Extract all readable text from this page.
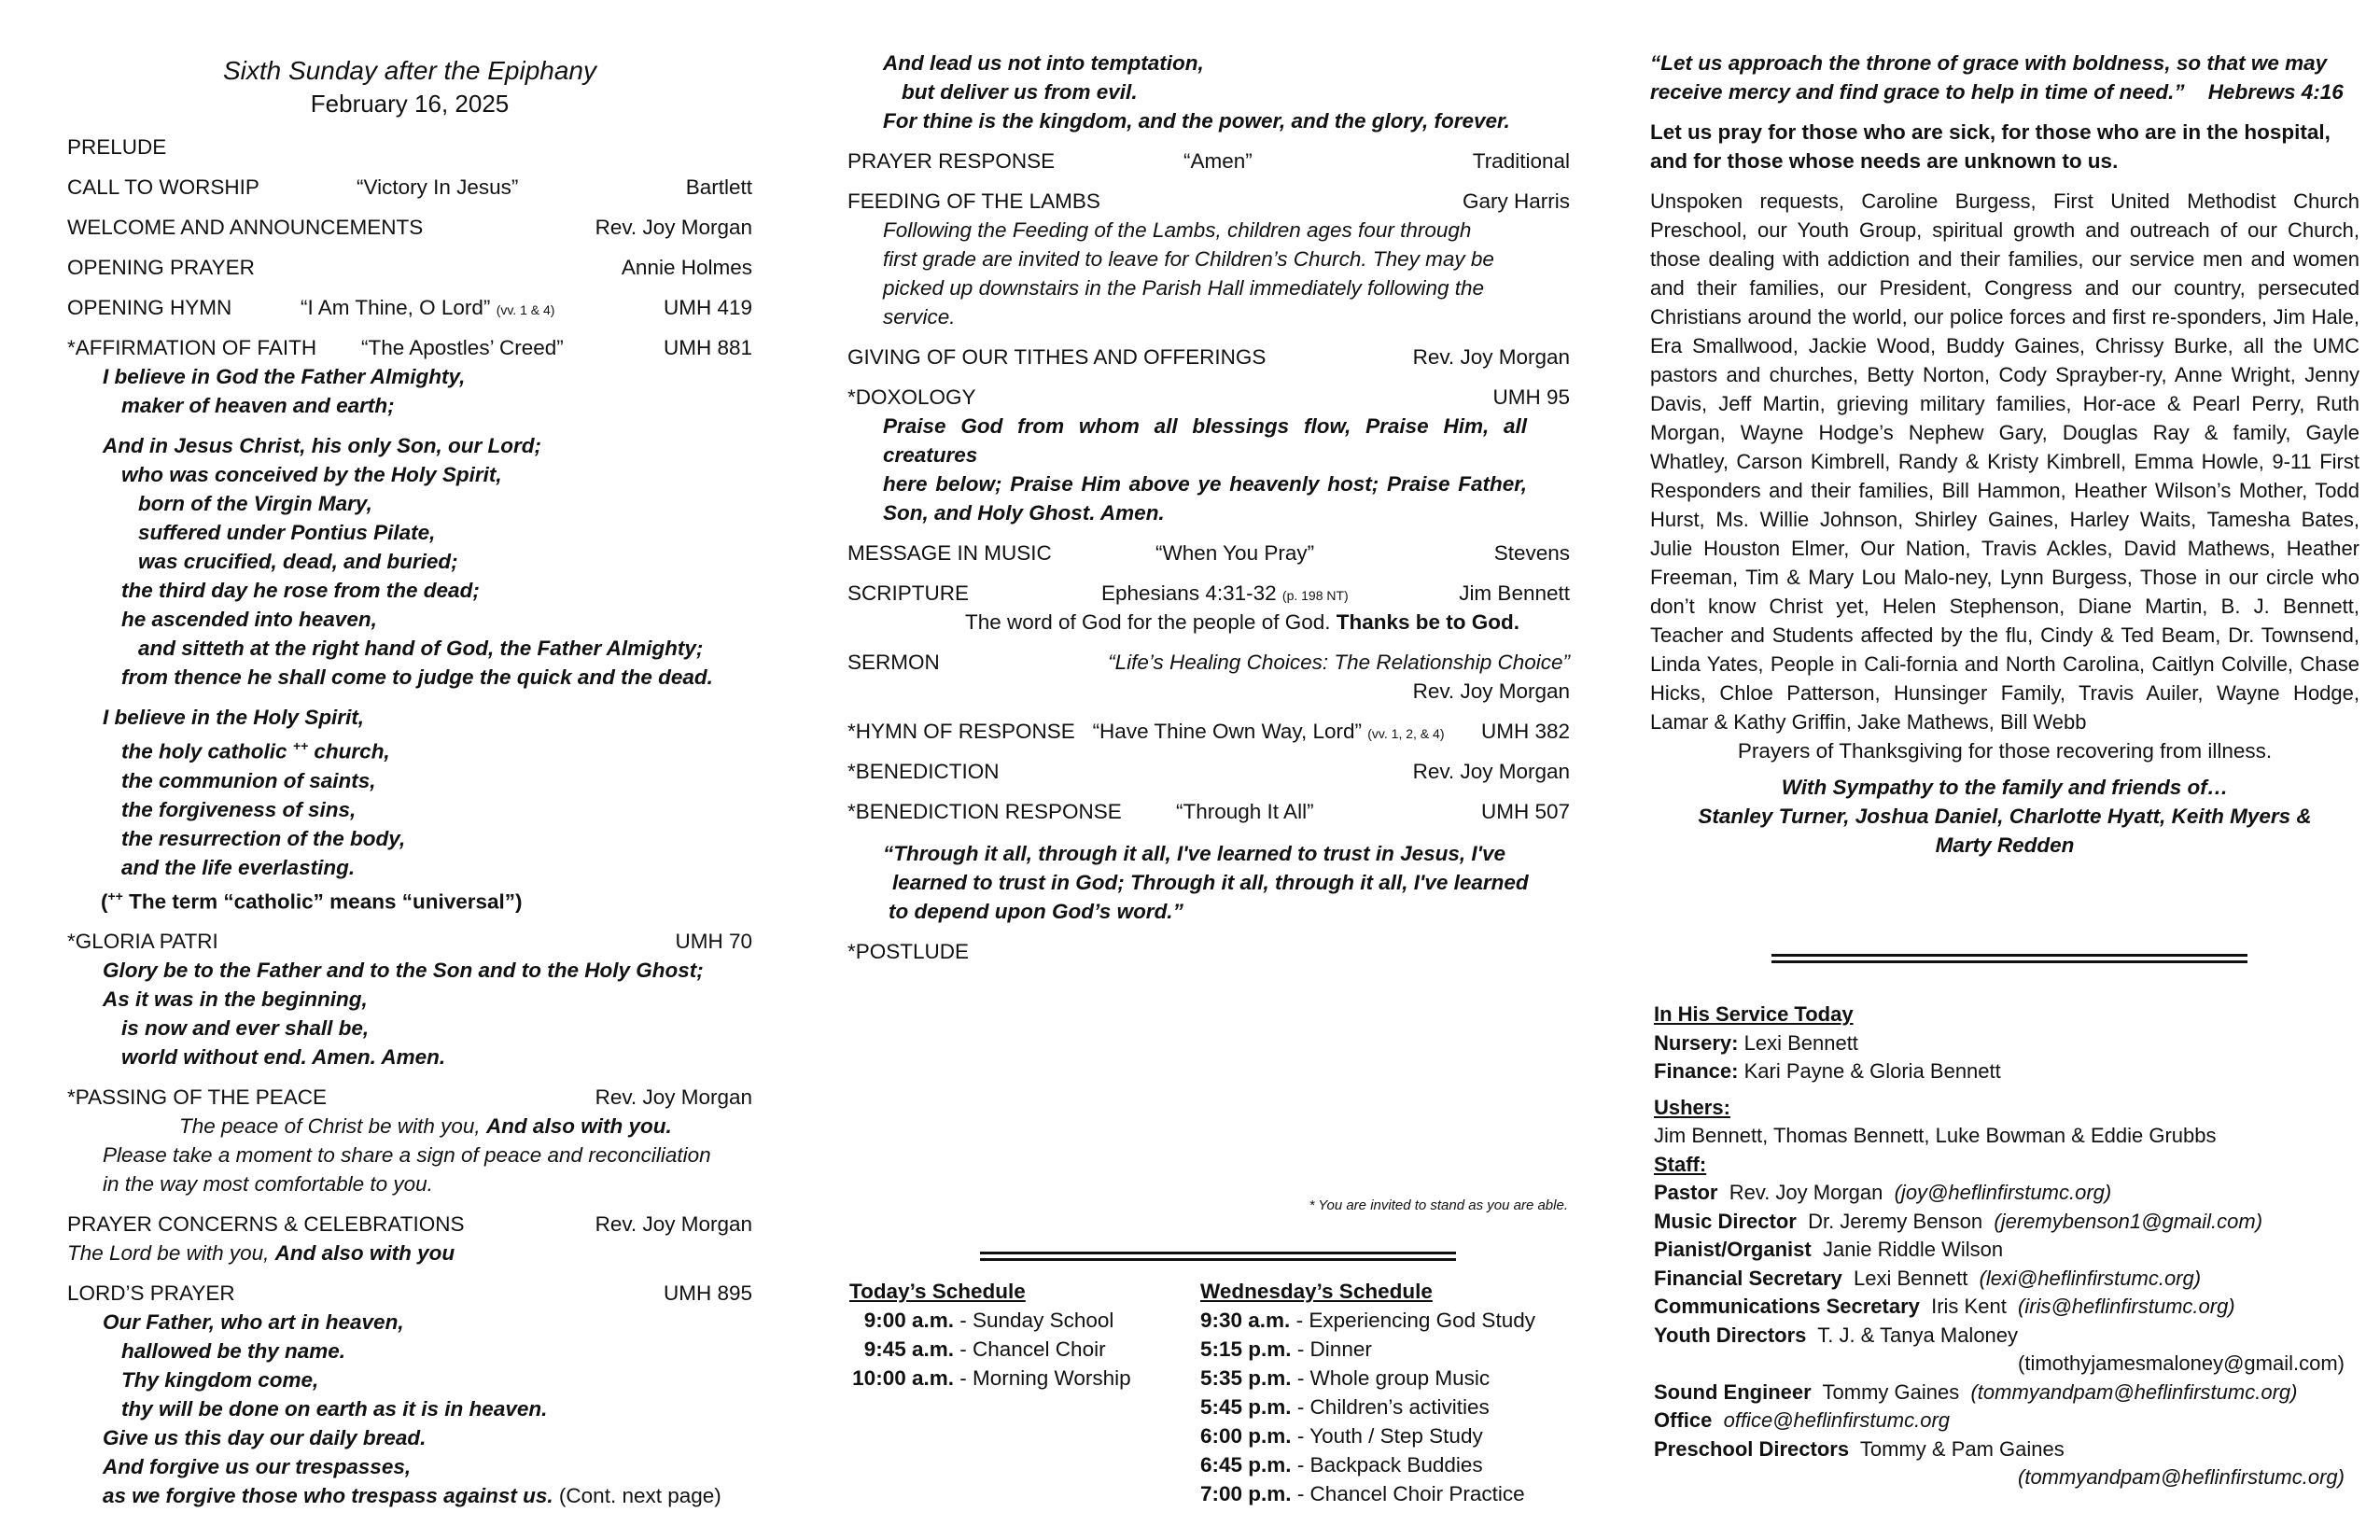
Sixth Sunday after the Epiphany
February 16, 2025
PRELUDE
CALL TO WORSHIP	“Victory In Jesus”	Bartlett
WELCOME AND ANNOUNCEMENTS	Rev. Joy Morgan
OPENING PRAYER	Annie Holmes
OPENING HYMN	“I Am Thine, O Lord” (vv. 1 & 4)	UMH 419
*AFFIRMATION OF FAITH “The Apostles’ Creed”	UMH 881
I believe in God the Father Almighty,
maker of heaven and earth;
And in Jesus Christ, his only Son, our Lord;
who was conceived by the Holy Spirit,
born of the Virgin Mary,
suffered under Pontius Pilate,
was crucified, dead, and buried;
the third day he rose from the dead;
he ascended into heaven,
and sitteth at the right hand of God, the Father Almighty;
from thence he shall come to judge the quick and the dead.
I believe in the Holy Spirit,
the holy catholic ++ church,
the communion of saints,
the forgiveness of sins,
the resurrection of the body,
and the life everlasting.
(++ The term “catholic” means “universal”)
*GLORIA PATRI	UMH 70
Glory be to the Father and to the Son and to the Holy Ghost;
As it was in the beginning,
is now and ever shall be,
world without end. Amen. Amen.
*PASSING OF THE PEACE	Rev. Joy Morgan
The peace of Christ be with you, And also with you.
Please take a moment to share a sign of peace and reconciliation
in the way most comfortable to you.
PRAYER CONCERNS & CELEBRATIONS	Rev. Joy Morgan
The Lord be with you, And also with you
LORD’S PRAYER	UMH 895
Our Father, who art in heaven,
hallowed be thy name.
Thy kingdom come,
thy will be done on earth as it is in heaven.
Give us this day our daily bread.
And forgive us our trespasses,
as we forgive those who trespass against us. (Cont. next page)
And lead us not into temptation,
but deliver us from evil.
For thine is the kingdom, and the power, and the glory, forever.
PRAYER RESPONSE	“Amen”	Traditional
FEEDING OF THE LAMBS	Gary Harris
Following the Feeding of the Lambs, children ages four through
first grade are invited to leave for Children’s Church. They may be
picked up downstairs in the Parish Hall immediately following the
service.
GIVING OF OUR TITHES AND OFFERINGS	Rev. Joy Morgan
*DOXOLOGY	UMH 95
Praise God from whom all blessings flow, Praise Him, all creatures
here below; Praise Him above ye heavenly host; Praise Father,
Son, and Holy Ghost. Amen.
MESSAGE IN MUSIC	“When You Pray”	Stevens
SCRIPTURE	Ephesians 4:31-32 (p. 198 NT)	Jim Bennett
The word of God for the people of God. Thanks be to God.
SERMON	“Life’s Healing Choices: The Relationship Choice”
Rev. Joy Morgan
*HYMN OF RESPONSE “Have Thine Own Way, Lord” (vv. 1, 2, & 4) UMH 382
*BENEDICTION	Rev. Joy Morgan
*BENEDICTION RESPONSE	“Through It All”	UMH 507
“Through it all, through it all, I've learned to trust in Jesus, I've
learned to trust in God; Through it all, through it all, I've learned
to depend upon God’s word.”
*POSTLUDE
* You are invited to stand as you are able.
Today’s Schedule
9:00 a.m. - Sunday School
9:45 a.m. - Chancel Choir
10:00 a.m. - Morning Worship
Wednesday’s Schedule
9:30 a.m. - Experiencing God Study
5:15 p.m. - Dinner
5:35 p.m. - Whole group Music
5:45 p.m. - Children’s activities
6:00 p.m. - Youth / Step Study
6:45 p.m. - Backpack Buddies
7:00 p.m. - Chancel Choir Practice
“Let us approach the throne of grace with boldness, so that we may receive mercy and find grace to help in time of need.” Hebrews 4:16
Let us pray for those who are sick, for those who are in the hospital, and for those whose needs are unknown to us.
Unspoken requests, Caroline Burgess, First United Methodist Church Preschool, our Youth Group, spiritual growth and outreach of our Church, those dealing with addiction and their families, our service men and women and their families, our President, Congress and our country, persecuted Christians around the world, our police forces and first re-sponders, Jim Hale, Era Smallwood, Jackie Wood, Buddy Gaines, Chrissy Burke, all the UMC pastors and churches, Betty Norton, Cody Sprayber-ry, Anne Wright, Jenny Davis, Jeff Martin, grieving military families, Hor-ace & Pearl Perry, Ruth Morgan, Wayne Hodge’s Nephew Gary, Douglas Ray & family, Gayle Whatley, Carson Kimbrell, Randy & Kristy Kimbrell, Emma Howle, 9-11 First Responders and their families, Bill Hammon, Heather Wilson’s Mother, Todd Hurst, Ms. Willie Johnson, Shirley Gaines, Harley Waits, Tamesha Bates, Julie Houston Elmer, Our Nation, Travis Ackles, David Mathews, Heather Freeman, Tim & Mary Lou Malo-ney, Lynn Burgess, Those in our circle who don’t know Christ yet, Helen Stephenson, Diane Martin, B. J. Bennett, Teacher and Students affected by the flu, Cindy & Ted Beam, Dr. Townsend, Linda Yates, People in Cali-fornia and North Carolina, Caitlyn Colville, Chase Hicks, Chloe Patterson, Hunsinger Family, Travis Auiler, Wayne Hodge, Lamar & Kathy Griffin, Jake Mathews, Bill Webb
Prayers of Thanksgiving for those recovering from illness.
With Sympathy to the family and friends of…
Stanley Turner, Joshua Daniel, Charlotte Hyatt, Keith Myers &
Marty Redden
In His Service Today
Nursery: Lexi Bennett
Finance: Kari Payne & Gloria Bennett
Ushers:
Jim Bennett, Thomas Bennett, Luke Bowman & Eddie Grubbs
Staff:
Pastor Rev. Joy Morgan (joy@heflinfirstumc.org)
Music Director Dr. Jeremy Benson (jeremybenson1@gmail.com)
Pianist/Organist Janie Riddle Wilson
Financial Secretary Lexi Bennett (lexi@heflinfirstumc.org)
Communications Secretary Iris Kent (iris@heflinfirstumc.org)
Youth Directors T. J. & Tanya Maloney
(timothyjamesmaloney@gmail.com)
Sound Engineer Tommy Gaines (tommyandpam@heflinfirstumc.org)
Office office@heflinfirstumc.org
Preschool Directors Tommy & Pam Gaines
(tommyandpam@heflinfirstumc.org)
